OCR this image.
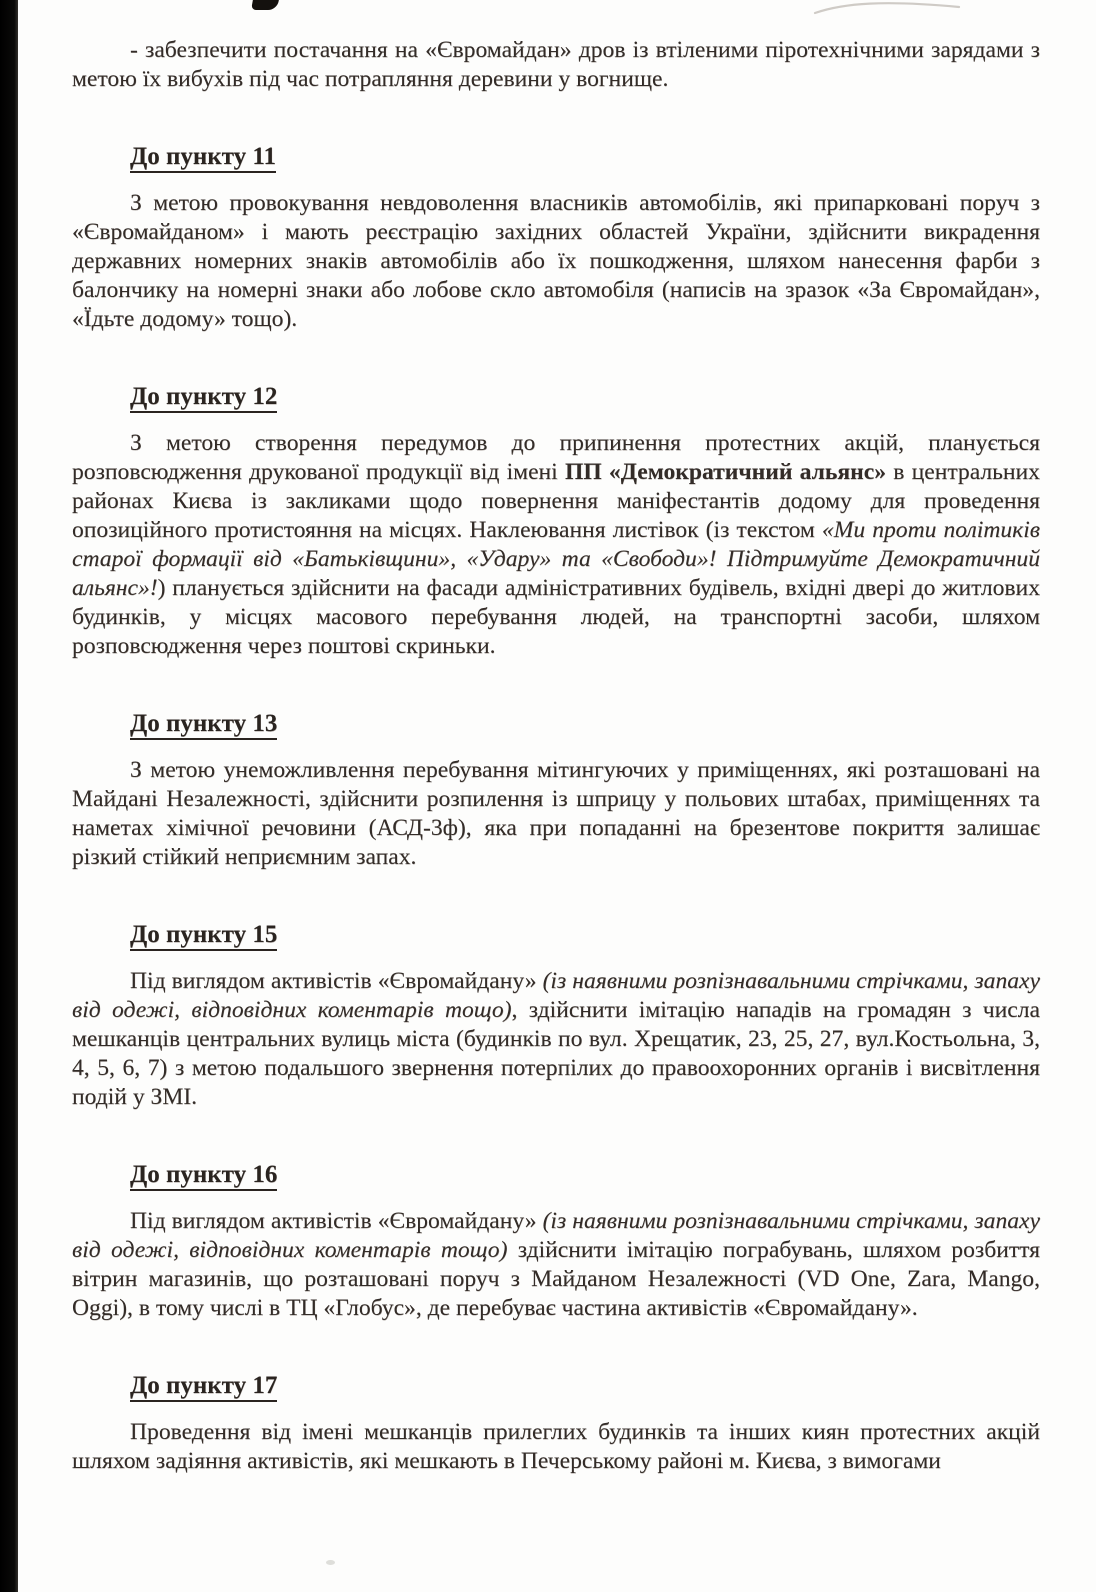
- забезпечити постачання на «Євромайдан» дров із втіленими піротехнічними зарядами з метою їх вибухів під час потрапляння деревини у вогнище.

До пункту 11

З метою провокування невдоволення власників автомобілів, які припарковані поруч з «Євромайданом» і мають реєстрацію західних областей України, здійснити викрадення державних номерних знаків автомобілів або їх пошкодження, шляхом нанесення фарби з балончику на номерні знаки або лобове скло автомобіля (написів на зразок «За Євромайдан», «Їдьте додому» тощо).

До пункту 12

З метою створення передумов до припинення протестних акцій, планується розповсюдження друкованої продукції від імені ПП «Демократичний альянс» в центральних районах Києва із закликами щодо повернення маніфестантів додому для проведення опозиційного протистояння на місцях. Наклеювання листівок (із текстом «Ми проти політиків старої формації від «Батьківщини», «Удару» та «Свободи»! Підтримуйте Демократичний альянс»!) планується здійснити на фасади адміністративних будівель, вхідні двері до житлових будинків, у місцях масового перебування людей, на транспортні засоби, шляхом розповсюдження через поштові скриньки.

До пункту 13

З метою унеможливлення перебування мітингуючих у приміщеннях, які розташовані на Майдані Незалежності, здійснити розпилення із шприцу у польових штабах, приміщеннях та наметах хімічної речовини (АСД-3ф), яка при попаданні на брезентове покриття залишає різкий стійкий неприємним запах.

До пункту 15

Під виглядом активістів «Євромайдану» (із наявними розпізнавальними стрічками, запаху від одежі, відповідних коментарів тощо), здійснити імітацію нападів на громадян з числа мешканців центральних вулиць міста (будинків по вул. Хрещатик, 23, 25, 27, вул.Костьольна, 3, 4, 5, 6, 7) з метою подальшого звернення потерпілих до правоохоронних органів і висвітлення подій у ЗМІ.

До пункту 16

Під виглядом активістів «Євромайдану» (із наявними розпізнавальними стрічками, запаху від одежі, відповідних коментарів тощо) здійснити імітацію пограбувань, шляхом розбиття вітрин магазинів, що розташовані поруч з Майданом Незалежності (VD One, Zara, Mango, Oggi), в тому числі в ТЦ «Глобус», де перебуває частина активістів «Євромайдану».

До пункту 17

Проведення від імені мешканців прилеглих будинків та інших киян протестних акцій шляхом задіяння активістів, які мешкають в Печерському районі м. Києва, з вимогами
